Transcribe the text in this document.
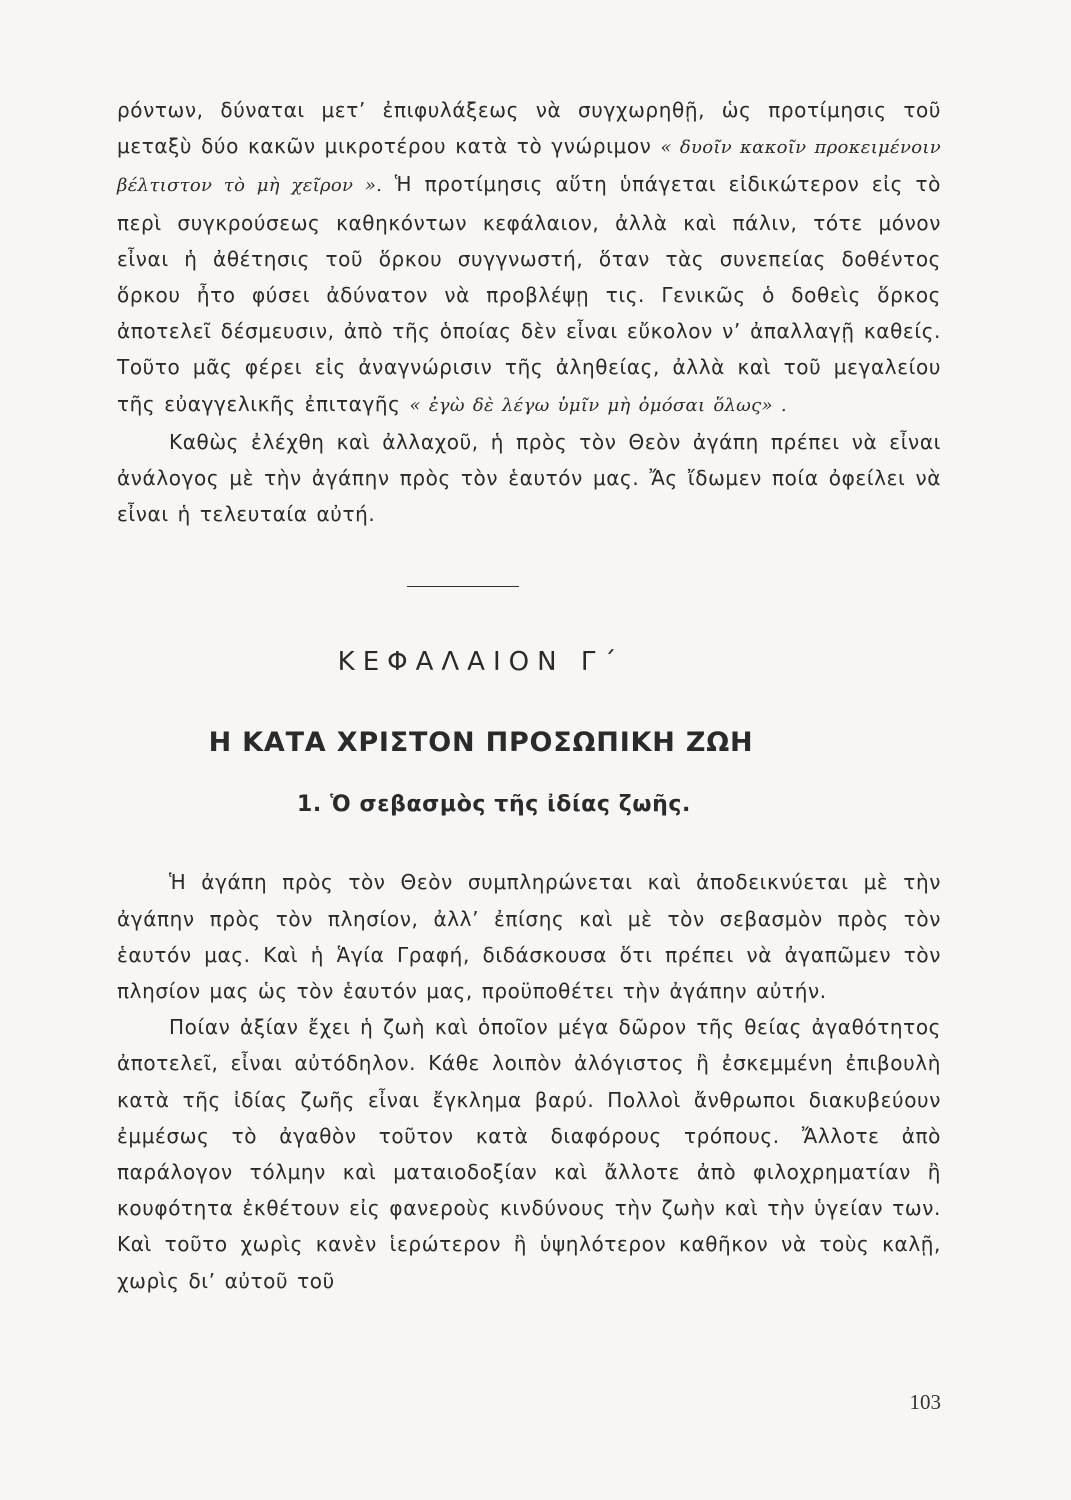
ρόντων, δύναται μετ’ ἐπιφυλάξεως νὰ συγχωρηθῇ, ὡς προτίμησις τοῦ μεταξὺ δύο κακῶν μικροτέρου κατὰ τὸ γνώριμον « δυοῖν κακοῖν προκειμένοιν βέλτιστον τὸ μὴ χεῖρον ». Ἡ προτίμησις αὕτη ὑπάγεται εἰδικώτερον εἰς τὸ περὶ συγκρούσεως καθηκόντων κεφάλαιον, ἀλλὰ καὶ πάλιν, τότε μόνον εἶναι ἡ ἀθέτησις τοῦ ὅρκου συγγνωστή, ὅταν τὰς συνεπείας δοθέντος ὅρκου ἦτο φύσει ἀδύνατον νὰ προβλέψῃ τις. Γενικῶς ὁ δοθεὶς ὅρκος ἀποτελεῖ δέσμευσιν, ἀπὸ τῆς ὁποίας δὲν εἶναι εὔκολον ν’ ἀπαλλαγῇ καθείς. Τοῦτο μᾶς φέρει εἰς ἀναγνώρισιν τῆς ἀληθείας, ἀλλὰ καὶ τοῦ μεγαλείου τῆς εὐαγγελικῆς ἐπιταγῆς « ἐγὼ δὲ λέγω ὑμῖν μὴ ὀμόσαι ὅλως» .

Καθὼς ἐλέχθη καὶ ἀλλαχοῦ, ἡ πρὸς τὸν Θεὸν ἀγάπη πρέπει νὰ εἶναι ἀνάλογος μὲ τὴν ἀγάπην πρὸς τὸν ἑαυτόν μας. Ἄς ἴδωμεν ποία ὀφείλει νὰ εἶναι ἡ τελευταία αὐτή.

ΚΕΦΑΛΑΙΟΝ Γ΄
Η ΚΑΤΑ ΧΡΙΣΤΟΝ ΠΡΟΣΩΠΙΚΗ ΖΩΗ
1. Ὁ σεβασμὸς τῆς ἰδίας ζωῆς.

Ἡ ἀγάπη πρὸς τὸν Θεὸν συμπληρώνεται καὶ ἀποδεικνύεται μὲ τὴν ἀγάπην πρὸς τὸν πλησίον, ἀλλ’ ἐπίσης καὶ μὲ τὸν σεβασμὸν πρὸς τὸν ἑαυτόν μας. Καὶ ἡ Ἁγία Γραφή, διδάσκουσα ὅτι πρέπει νὰ ἀγαπῶμεν τὸν πλησίον μας ὡς τὸν ἑαυτόν μας, προϋποθέτει τὴν ἀγάπην αὐτήν.

Ποίαν ἀξίαν ἔχει ἡ ζωὴ καὶ ὁποῖον μέγα δῶρον τῆς θείας ἀγαθότητος ἀποτελεῖ, εἶναι αὐτόδηλον. Κάθε λοιπὸν ἀλόγιστος ἢ ἐσκεμμένη ἐπιβουλὴ κατὰ τῆς ἰδίας ζωῆς εἶναι ἔγκλημα βαρύ. Πολλοὶ ἄνθρωποι διακυβεύουν ἐμμέσως τὸ ἀγαθὸν τοῦτον κατὰ διαφόρους τρόπους. Ἄλλοτε ἀπὸ παράλογον τόλμην καὶ ματαιοδοξίαν καὶ ἄλλοτε ἀπὸ φιλοχρηματίαν ἢ κουφότητα ἐκθέτουν εἰς φανεροὺς κινδύνους τὴν ζωὴν καὶ τὴν ὑγείαν των. Καὶ τοῦτο χωρὶς κανὲν ἱερώτερον ἢ ὑψηλότερον καθῆκον νὰ τοὺς καλῇ, χωρὶς δι’ αὐτοῦ τοῦ

103
